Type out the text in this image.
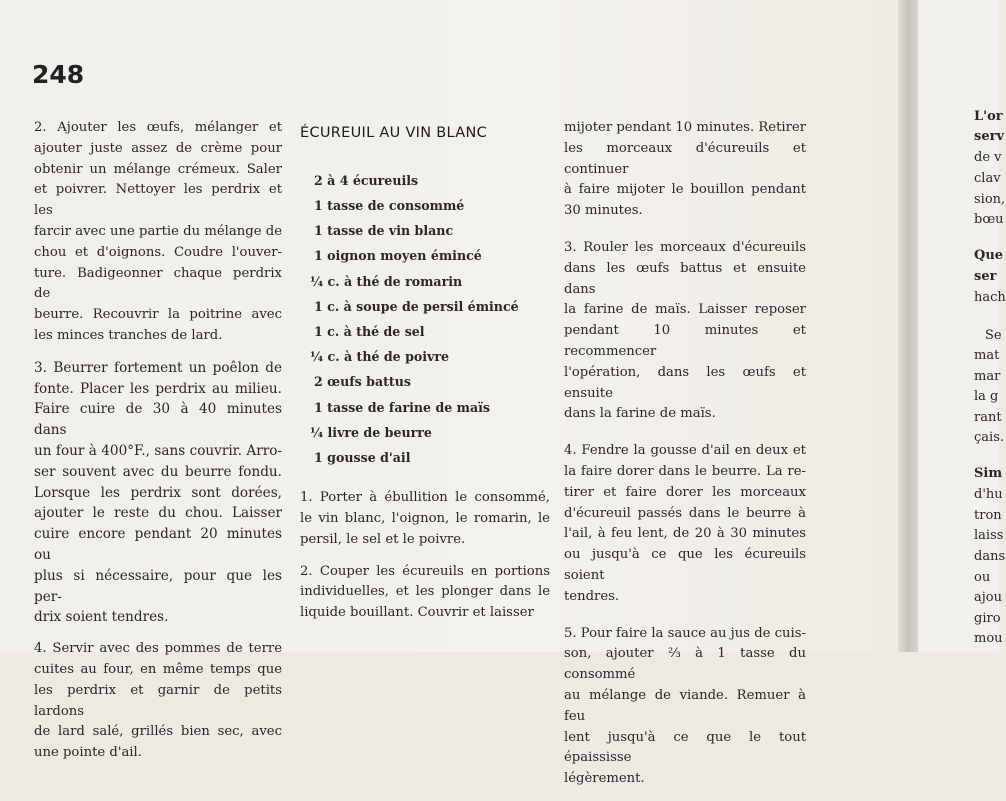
248
2. Ajouter les œufs, mélanger et
ajouter juste assez de crème pour
obtenir un mélange crémeux. Saler
et poivrer. Nettoyer les perdrix et les
farcir avec une partie du mélange de
chou et d'oignons. Coudre l'ouver-
ture. Badigeonner chaque perdrix de
beurre. Recouvrir la poitrine avec
les minces tranches de lard.
3. Beurrer fortement un poêlon de
fonte. Placer les perdrix au milieu.
Faire cuire de 30 à 40 minutes dans
un four à 400°F., sans couvrir. Arro-
ser souvent avec du beurre fondu.
Lorsque les perdrix sont dorées,
ajouter le reste du chou. Laisser
cuire encore pendant 20 minutes ou
plus si nécessaire, pour que les per-
drix soient tendres.
4. Servir avec des pommes de terre
cuites au four, en même temps que
les perdrix et garnir de petits lardons
de lard salé, grillés bien sec, avec
une pointe d'ail.
ÉCUREUIL AU VIN BLANC
2 à 4 écureuils
1 tasse de consommé
1 tasse de vin blanc
1 oignon moyen émincé
¼ c. à thé de romarin
1 c. à soupe de persil émincé
1 c. à thé de sel
¼ c. à thé de poivre
2 œufs battus
1 tasse de farine de maïs
¼ livre de beurre
1 gousse d'ail
1. Porter à ébullition le consommé,
le vin blanc, l'oignon, le romarin, le
persil, le sel et le poivre.
2. Couper les écureuils en portions
individuelles, et les plonger dans le
liquide bouillant. Couvrir et laisser
mijoter pendant 10 minutes. Retirer
les morceaux d'écureuils et continuer
à faire mijoter le bouillon pendant
30 minutes.
3. Rouler les morceaux d'écureuils
dans les œufs battus et ensuite dans
la farine de maïs. Laisser reposer
pendant 10 minutes et recommencer
l'opération, dans les œufs et ensuite
dans la farine de maïs.
4. Fendre la gousse d'ail en deux et
la faire dorer dans le beurre. La re-
tirer et faire dorer les morceaux
d'écureuil passés dans le beurre à
l'ail, à feu lent, de 20 à 30 minutes
ou jusqu'à ce que les écureuils soient
tendres.
5. Pour faire la sauce au jus de cuis-
son, ajouter ⅔ à 1 tasse du consommé
au mélange de viande. Remuer à feu
lent jusqu'à ce que le tout épaississe
légèrement.
L'or
serv
de v
clav
sion,
bœu
Que
ser
hach
Se
mat
mar
la g
rant
çais.
Sim
d'hu
tron
laiss
dans
ou
ajou
giro
mou
